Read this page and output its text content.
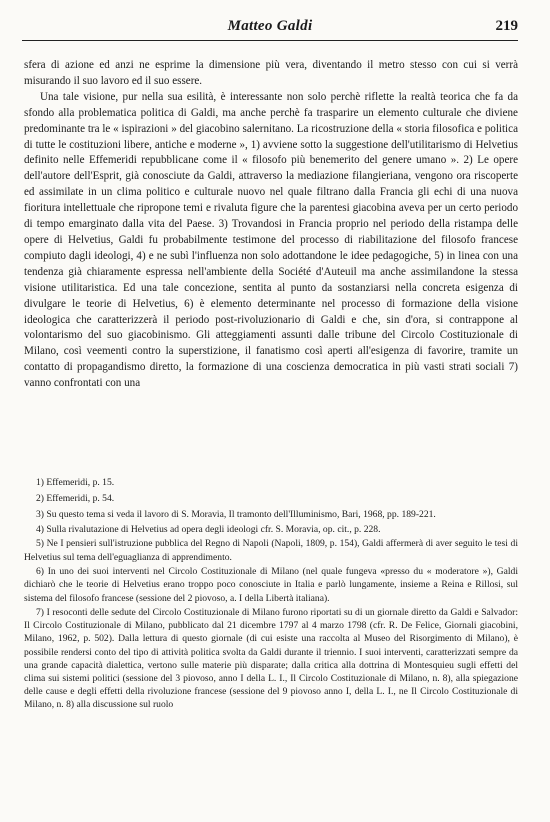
Matteo Galdi	219

sfera di azione ed anzi ne esprime la dimensione più vera, diventando il metro stesso con cui si verrà misurando il suo lavoro ed il suo essere.

Una tale visione, pur nella sua esilità, è interessante non solo perchè riflette la realtà teorica che fa da sfondo alla problematica politica di Galdi, ma anche perchè fa trasparire un elemento culturale che diviene predominante tra le « ispirazioni » del giacobino salernitano. La ricostruzione della « storia filosofica e politica di tutte le costituzioni libere, antiche e moderne », 1) avviene sotto la suggestione dell'utilitarismo di Helvetius definito nelle Effemeridi repubblicane come il « filosofo più benemerito del genere umano ». 2) Le opere dell'autore dell'Esprit, già conosciute da Galdi, attraverso la mediazione filangieriana, vengono ora riscoperte ed assimilate in un clima politico e culturale nuovo nel quale filtrano dalla Francia gli echi di una nuova fioritura intellettuale che ripropone temi e rivaluta figure che la parentesi giacobina aveva per un certo periodo di tempo emarginato dalla vita del Paese. 3) Trovandosi in Francia proprio nel periodo della ristampa delle opere di Helvetius, Galdi fu probabilmente testimone del processo di riabilitazione del filosofo francese compiuto dagli ideologi, 4) e ne subì l'influenza non solo adottandone le idee pedagogiche, 5) in linea con una tendenza già chiaramente espressa nell'ambiente della Société d'Auteuil ma anche assimilandone la stessa visione utilitaristica. Ed una tale concezione, sentita al punto da sostanziarsi nella concreta esigenza di divulgare le teorie di Helvetius, 6) è elemento determinante nel processo di formazione della visione ideologica che caratterizzerà il periodo post-rivoluzionario di Galdi e che, sin d'ora, si contrappone al volontarismo del suo giacobinismo. Gli atteggiamenti assunti dalle tribune del Circolo Costituzionale di Milano, così veementi contro la superstizione, il fanatismo così aperti all'esigenza di favorire, tramite un contatto di propagandismo diretto, la formazione di una coscienza democratica in più vasti strati sociali 7) vanno confrontati con una

1) Effemeridi, p. 15.

2) Effemeridi, p. 54.

3) Su questo tema si veda il lavoro di S. Moravia, Il tramonto dell'Illuminismo, Bari, 1968, pp. 189-221.

4) Sulla rivalutazione di Helvetius ad opera degli ideologi cfr. S. Moravia, op. cit., p. 228.

5) Ne I pensieri sull'istruzione pubblica del Regno di Napoli (Napoli, 1809, p. 154), Galdi affermerà di aver seguito le tesi di Helvetius sul tema dell'eguaglianza di apprendimento.

6) In uno dei suoi interventi nel Circolo Costituzionale di Milano (nel quale fungeva «presso du « moderatore »), Galdi dichiarò che le teorie di Helvetius erano troppo poco conosciute in Italia e parlò lungamente, insieme a Reina e Rillosi, sul sistema del filosofo francese (sessione del 2 piovoso, a. I della Libertà italiana).

7) I resoconti delle sedute del Circolo Costituzionale di Milano furono riportati su di un giornale diretto da Galdi e Salvador: Il Circolo Costituzionale di Milano, pubblicato dal 21 dicembre 1797 al 4 marzo 1798 (cfr. R. De Felice, Giornali giacobini, Milano, 1962, p. 502). Dalla lettura di questo giornale (di cui esiste una raccolta al Museo del Risorgimento di Milano), è possibile rendersi conto del tipo di attività politica svolta da Galdi durante il triennio. I suoi interventi, caratterizzati sempre da una grande capacità dialettica, vertono sulle materie più disparate; dalla critica alla dottrina di Montesquieu sugli effetti del clima sui sistemi politici (sessione del 3 piovoso, anno I della L. I., Il Circolo Costituzionale di Milano, n. 8), alla spiegazione delle cause e degli effetti della rivoluzione francese (sessione del 9 piovoso anno I, della L. I., ne Il Circolo Costituzionale di Milano, n. 8) alla discussione sul ruolo
